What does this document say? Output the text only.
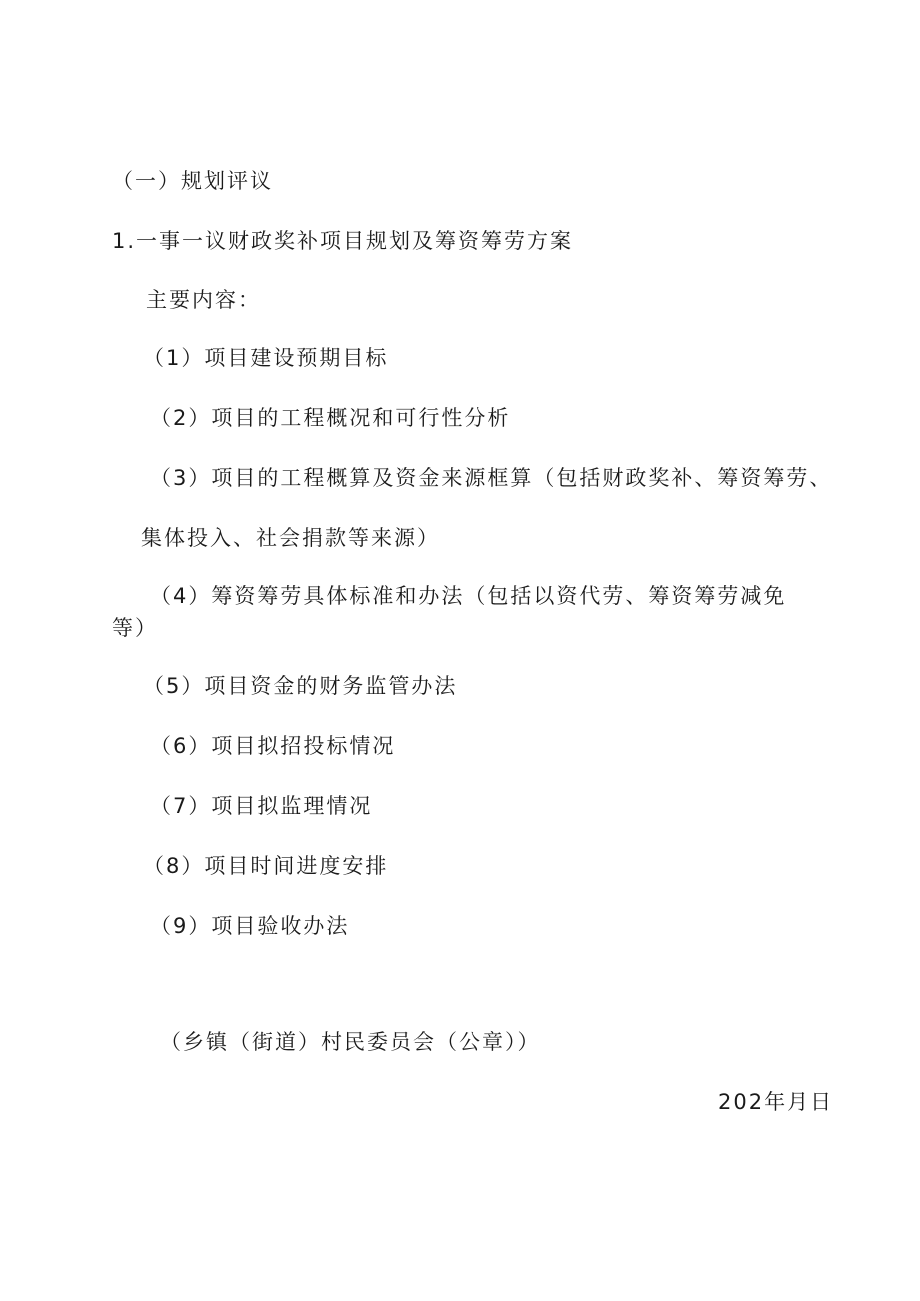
（一）规划评议
1.一事一议财政奖补项目规划及筹资筹劳方案
主要内容：
（1）项目建设预期目标
（2）项目的工程概况和可行性分析
（3）项目的工程概算及资金来源框算（包括财政奖补、筹资筹劳、
集体投入、社会捐款等来源）
（4）筹资筹劳具体标准和办法（包括以资代劳、筹资筹劳减免
等）
（5）项目资金的财务监管办法
（6）项目拟招投标情况
（7）项目拟监理情况
（8）项目时间进度安排
（9）项目验收办法
（乡镇（街道）村民委员会（公章））
202年月日
